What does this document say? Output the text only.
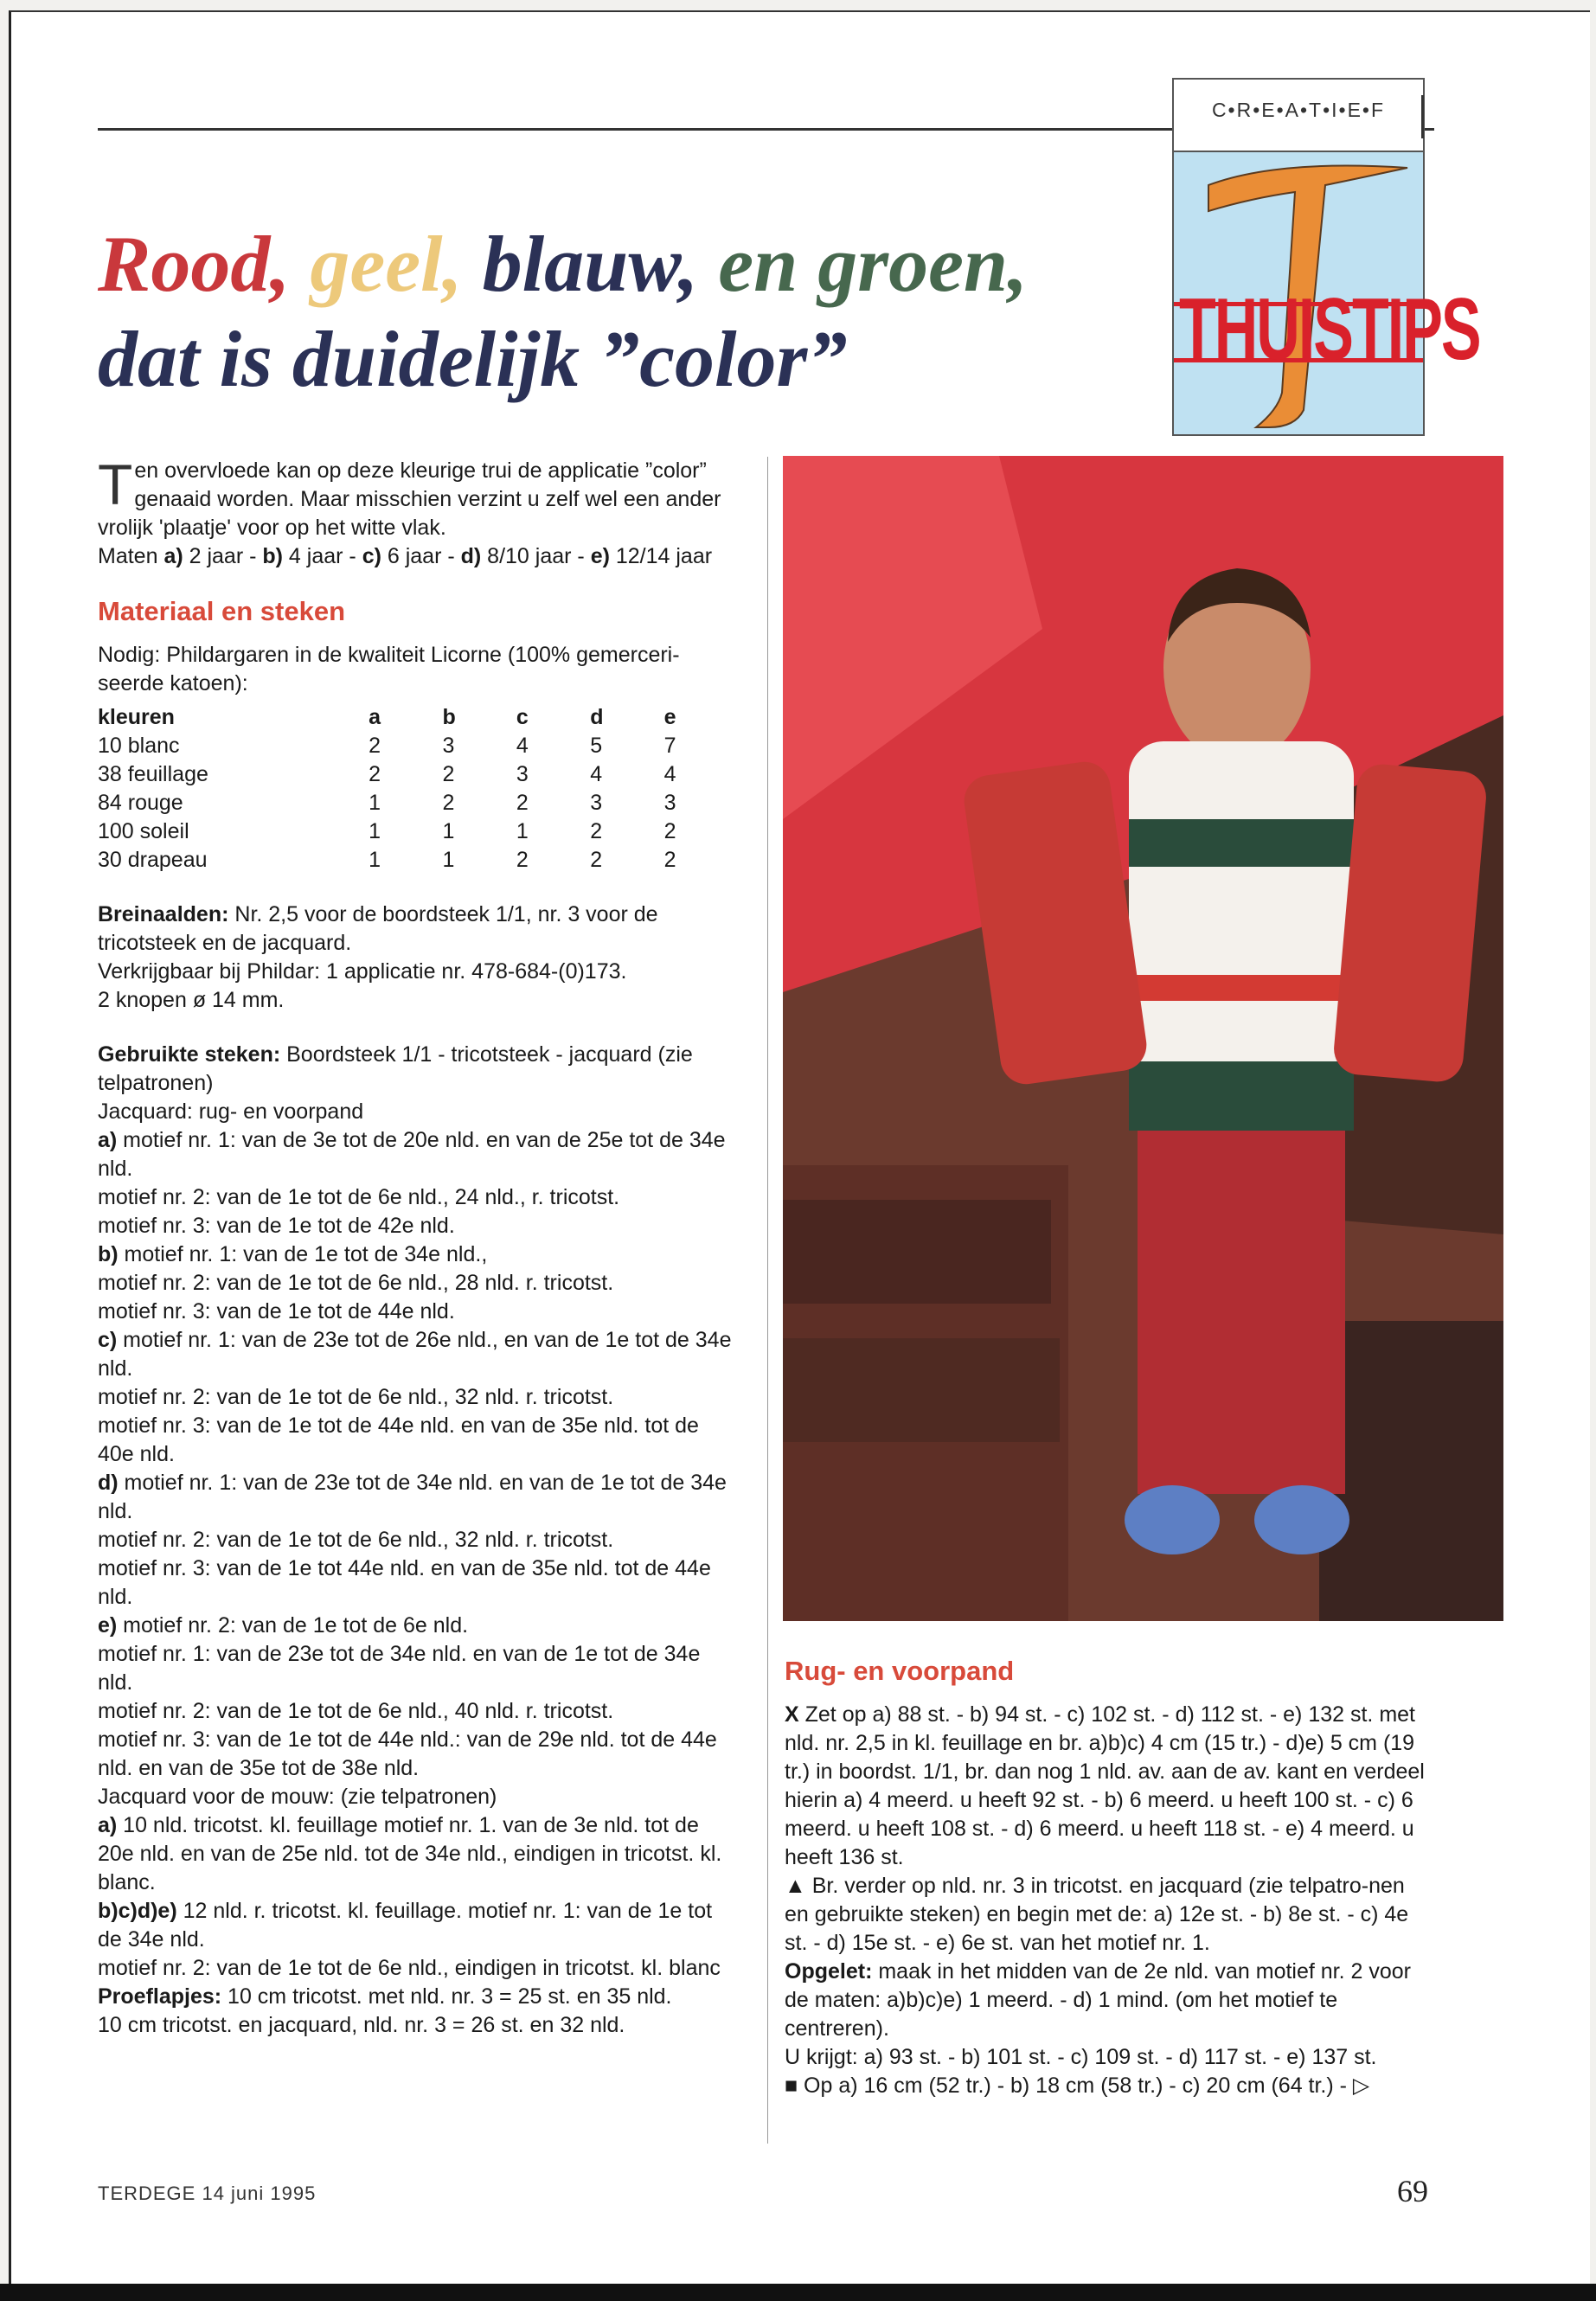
C•R•E•A•T•I•E•F
THUISTIPS
Rood, geel, blauw, en groen,
dat is duidelijk ”color”

Ten overvloede kan op deze kleurige trui de applicatie ”color” genaaid worden. Maar misschien verzint u zelf wel een ander vrolijk 'plaatje' voor op het witte vlak.

Maten a) 2 jaar - b) 4 jaar - c) 6 jaar - d) 8/10 jaar - e) 12/14 jaar

Materiaal en steken

Nodig: Phildargaren in de kwaliteit Licorne (100% gemerceri-seerde katoen):

kleuren	a	b	c	d	e
10 blanc	2	3	4	5	7
38 feuillage	2	2	3	4	4
84 rouge	1	2	2	3	3
100 soleil	1	1	1	2	2
30 drapeau	1	1	2	2	2

Breinaalden: Nr. 2,5 voor de boordsteek 1/1, nr. 3 voor de tricotsteek en de jacquard.

Verkrijgbaar bij Phildar: 1 applicatie nr. 478-684-(0)173.

2 knopen ø 14 mm.

Gebruikte steken: Boordsteek 1/1 - tricotsteek - jacquard (zie telpatronen)

Jacquard: rug- en voorpand

a) motief nr. 1: van de 3e tot de 20e nld. en van de 25e tot de 34e nld.

motief nr. 2: van de 1e tot de 6e nld., 24 nld., r. tricotst.

motief nr. 3: van de 1e tot de 42e nld.

b) motief nr. 1: van de 1e tot de 34e nld.,

motief nr. 2: van de 1e tot de 6e nld., 28 nld. r. tricotst.

motief nr. 3: van de 1e tot de 44e nld.

c) motief nr. 1: van de 23e tot de 26e nld., en van de 1e tot de 34e nld.

motief nr. 2: van de 1e tot de 6e nld., 32 nld. r. tricotst.

motief nr. 3: van de 1e tot de 44e nld. en van de 35e nld. tot de 40e nld.

d) motief nr. 1: van de 23e tot de 34e nld. en van de 1e tot de 34e nld.

motief nr. 2: van de 1e tot de 6e nld., 32 nld. r. tricotst.

motief nr. 3: van de 1e tot 44e nld. en van de 35e nld. tot de 44e nld.

e) motief nr. 2: van de 1e tot de 6e nld.

motief nr. 1: van de 23e tot de 34e nld. en van de 1e tot de 34e nld.

motief nr. 2: van de 1e tot de 6e nld., 40 nld. r. tricotst.

motief nr. 3: van de 1e tot de 44e nld.: van de 29e nld. tot de 44e nld. en van de 35e tot de 38e nld.

Jacquard voor de mouw: (zie telpatronen)

a) 10 nld. tricotst. kl. feuillage motief nr. 1. van de 3e nld. tot de 20e nld. en van de 25e nld. tot de 34e nld., eindigen in tricotst. kl. blanc.

b)c)d)e) 12 nld. r. tricotst. kl. feuillage. motief nr. 1: van de 1e tot de 34e nld.

motief nr. 2: van de 1e tot de 6e nld., eindigen in tricotst. kl. blanc

Proeflapjes: 10 cm tricotst. met nld. nr. 3 = 25 st. en 35 nld.

10 cm tricotst. en jacquard, nld. nr. 3 = 26 st. en 32 nld.

Rug- en voorpand

X Zet op a) 88 st. - b) 94 st. - c) 102 st. - d) 112 st. - e) 132 st. met nld. nr. 2,5 in kl. feuillage en br. a)b)c) 4 cm (15 tr.) - d)e) 5 cm (19 tr.) in boordst. 1/1, br. dan nog 1 nld. av. aan de av. kant en verdeel hierin a) 4 meerd. u heeft 92 st. - b) 6 meerd. u heeft 100 st. - c) 6 meerd. u heeft 108 st. - d) 6 meerd. u heeft 118 st. - e) 4 meerd. u heeft 136 st.

▲ Br. verder op nld. nr. 3 in tricotst. en jacquard (zie telpatro-nen en gebruikte steken) en begin met de: a) 12e st. - b) 8e st. - c) 4e st. - d) 15e st. - e) 6e st. van het motief nr. 1.

Opgelet: maak in het midden van de 2e nld. van motief nr. 2 voor de maten: a)b)c)e) 1 meerd. - d) 1 mind. (om het motief te centreren).

U krijgt: a) 93 st. - b) 101 st. - c) 109 st. - d) 117 st. - e) 137 st.

■ Op a) 16 cm (52 tr.) - b) 18 cm (58 tr.) - c) 20 cm (64 tr.) - ▷

TERDEGE 14 juni 1995	69
